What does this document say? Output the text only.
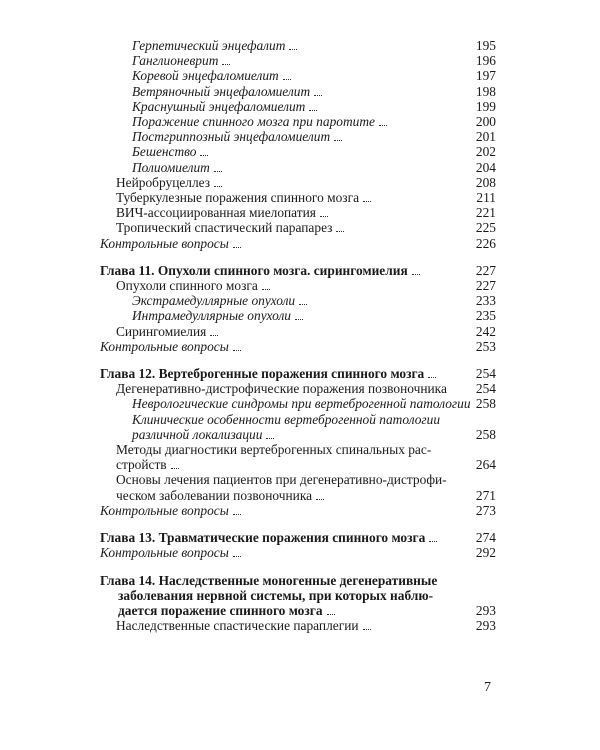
Герпетический энцефалит	195
Ганглионеврит	196
Коревой энцефаломиелит	197
Ветряночный энцефаломиелит	198
Краснушный энцефаломиелит	199
Поражение спинного мозга при паротите	200
Постгриппозный энцефаломиелит	201
Бешенство	202
Полиомиелит	204
Нейробруцеллез	208
Туберкулезные поражения спинного мозга	211
ВИЧ-ассоциированная миелопатия	221
Тропический спастический парапарез	225
Контрольные вопросы	226
Глава 11. Опухоли спинного мозга. сирингомиелия	227
Опухоли спинного мозга	227
Экстрамедуллярные опухоли	233
Интрамедуллярные опухоли	235
Сирингомиелия	242
Контрольные вопросы	253
Глава 12. Вертеброгенные поражения спинного мозга	254
Дегенеративно-дистрофические поражения позвоночника	254
Неврологические синдромы при вертеброгенной патологии 258
Клинические особенности вертеброгенной патологии
различной локализации	258
Методы диагностики вертеброгенных спинальных рас-
стройств	264
Основы лечения пациентов при дегенеративно-дистрофи-
ческом заболевании позвоночника	271
Контрольные вопросы	273
Глава 13. Травматические поражения спинного мозга	274
Контрольные вопросы	292
Глава 14. Наследственные моногенные дегенеративные
заболевания нервной системы, при которых наблю-
дается поражение спинного мозга	293
Наследственные спастические параплегии	293
7
